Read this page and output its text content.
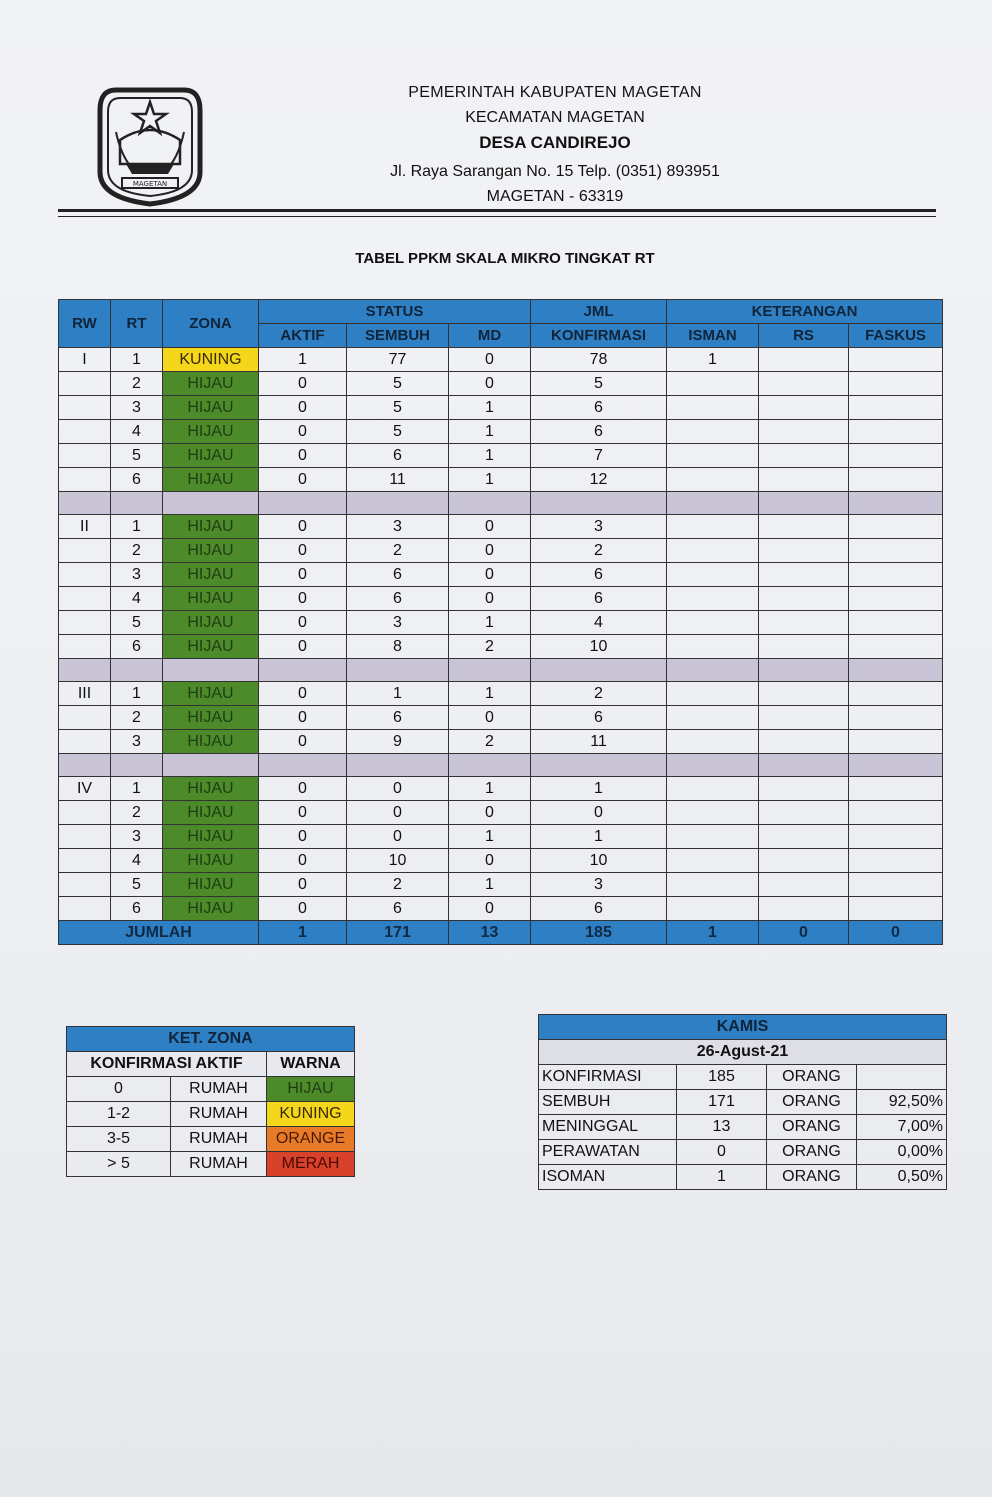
MAGETAN
PEMERINTAH KABUPATEN MAGETAN
KECAMATAN MAGETAN
DESA CANDIREJO
Jl. Raya Sarangan No. 15 Telp. (0351) 893951
MAGETAN - 63319
TABEL PPKM SKALA MIKRO TINGKAT RT
RW	RT	ZONA	STATUS			JML	KETERANGAN		
			AKTIF	SEMBUH	MD	KONFIRMASI	ISMAN	RS	FASKUS
I	1	KUNING	1	77	0	78	1		
	2	HIJAU	0	5	0	5			
	3	HIJAU	0	5	1	6			
	4	HIJAU	0	5	1	6			
	5	HIJAU	0	6	1	7			
	6	HIJAU	0	11	1	12			

II	1	HIJAU	0	3	0	3			
	2	HIJAU	0	2	0	2			
	3	HIJAU	0	6	0	6			
	4	HIJAU	0	6	0	6			
	5	HIJAU	0	3	1	4			
	6	HIJAU	0	8	2	10			

III	1	HIJAU	0	1	1	2			
	2	HIJAU	0	6	0	6			
	3	HIJAU	0	9	2	11			

IV	1	HIJAU	0	0	1	1			
	2	HIJAU	0	0	0	0			
	3	HIJAU	0	0	1	1			
	4	HIJAU	0	10	0	10			
	5	HIJAU	0	2	1	3			
	6	HIJAU	0	6	0	6			
JUMLAH			1	171	13	185	1	0	0
KET. ZONA		
KONFIRMASI AKTIF		WARNA
0	RUMAH	HIJAU
1-2	RUMAH	KUNING
3-5	RUMAH	ORANGE
> 5	RUMAH	MERAH
KAMIS			
26-Agust-21			
KONFIRMASI	185	ORANG	
SEMBUH	171	ORANG	92,50%
MENINGGAL	13	ORANG	7,00%
PERAWATAN	0	ORANG	0,00%
ISOMAN	1	ORANG	0,50%
